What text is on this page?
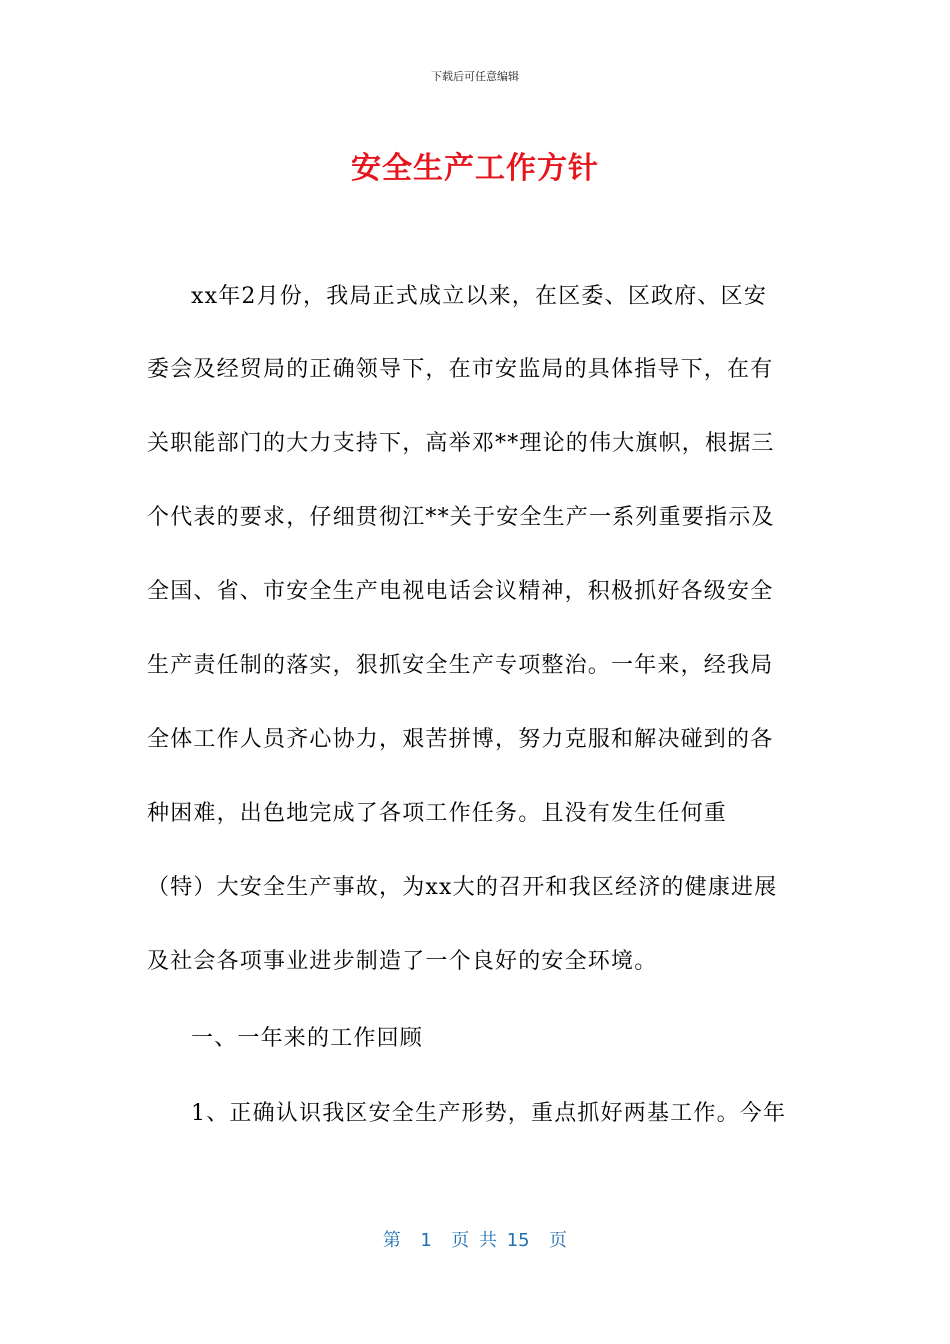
下载后可任意编辑
安全生产工作方针
xx年2月份，我局正式成立以来，在区委、区政府、区安
委会及经贸局的正确领导下，在市安监局的具体指导下，在有
关职能部门的大力支持下，高举邓**理论的伟大旗帜，根据三
个代表的要求，仔细贯彻江**关于安全生产一系列重要指示及
全国、省、市安全生产电视电话会议精神，积极抓好各级安全
生产责任制的落实，狠抓安全生产专项整治。一年来，经我局
全体工作人员齐心协力，艰苦拼博，努力克服和解决碰到的各
种困难，出色地完成了各项工作任务。且没有发生任何重
（特）大安全生产事故，为xx大的召开和我区经济的健康进展
及社会各项事业进步制造了一个良好的安全环境。
一、一年来的工作回顾
1、正确认识我区安全生产形势，重点抓好两基工作。今年
第  1  页 共 15  页
